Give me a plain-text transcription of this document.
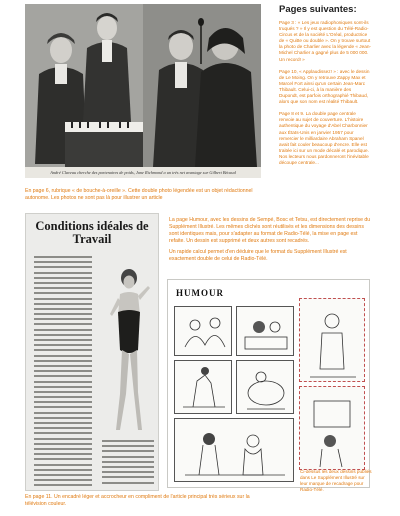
André Claveau cherche des partenaires de poids, Jane Richmond a un très net avantage sur Gilbert Bécaud
En page 6, rubrique « de bouche-à-oreille ». Cette double photo légendée est un objet rédactionnel autonome. Les photos ne sont pas là pour illustrer un article
Pages suivantes:

Page 3 : « Les jeux radiophoniques sont-ils truqués ? » Il y est question du Télé-Radio-Circus et de la société L'Oréal, productrice de « Quitte ou double ». On y trouve surtout la photo de Charlier avec la légende « Jean-Michel Charlier a gagné plus de 5 000 000. Un record! »

Page 10, « Applaudissez! » : avec le dessin de Le Moing. On y retrouve Zappy Max et Marcel Fort ainsi qu'un certain Jean-Marc Thibault. Celui-ci, à la manière des Dupondt, est parfois orthographié Thibaud, alors que son nom est réalité Thibault.

Page 8 et 9. La double page centrale renvoie au sujet de couverture. L'histoire authentique du voyage d'Abel Charbonnier aux États-Unis en janvier 1957 pour remercier le milliardaire Abraham Spanel avait fait couler beaucoup d'encre. Elle est traitée ici sur un mode décalé et parodique. Nos lecteurs nous pardonneront l'inévitable découpe centrale...

Conditions idéales de Travail
En page 11. Un encadré léger et accrocheur en compliment de l'article principal très sérieux sur la télévision couleur.

La page Humour, avec les dessins de Sempé, Bosc et Tetsu, est directement reprise du Supplément Illustré. Les mêmes clichés sont réutilisés et les dimensions des dessins sont identiques mais, pour s'adapter au format de Radio-Télé, la mise en page est refaite. Un dessin est supprimé et deux autres sont recadrés.

Un rapide calcul permet d'en déduire que le format du Supplément Illustré est exactement double de celui de Radio-Télé.

HUMOUR
Ci-dessus les deux dessins publiés dans Le Supplément Illustré sur leur marque de recadrage pour Radio-Télé.
